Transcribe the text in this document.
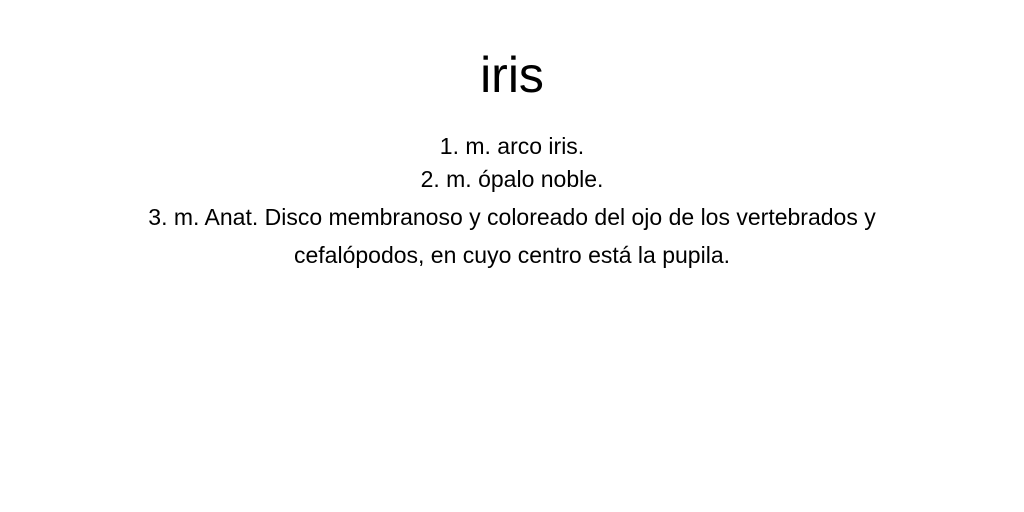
iris

1. m. arco iris.

2. m. ópalo noble.

3. m. Anat. Disco membranoso y coloreado del ojo de los vertebrados y cefalópodos, en cuyo centro está la pupila.
